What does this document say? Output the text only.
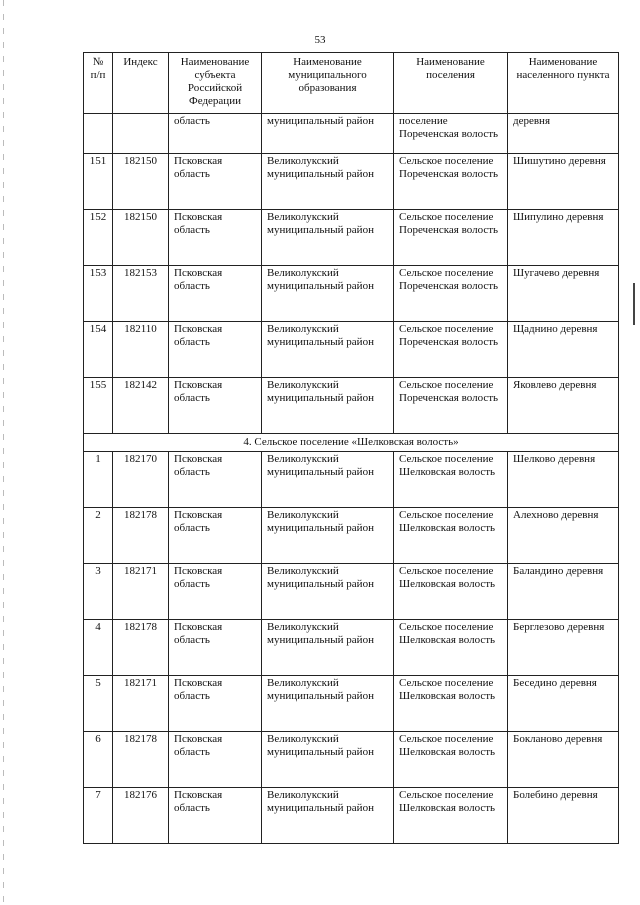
53
№ п/п	Индекс	Наименование субъекта Российской Федерации	Наименование муниципального образования	Наименование поселения	Наименование населенного пункта
		область	муниципальный район	поселение Пореченская волость	деревня
151	182150	Псковская область	Великолукский муниципальный район	Сельское поселение Пореченская волость	Шишутино деревня
152	182150	Псковская область	Великолукский муниципальный район	Сельское поселение Пореченская волость	Шипулино деревня
153	182153	Псковская область	Великолукский муниципальный район	Сельское поселение Пореченская волость	Шугачево деревня
154	182110	Псковская область	Великолукский муниципальный район	Сельское поселение Пореченская волость	Щаднино деревня
155	182142	Псковская область	Великолукский муниципальный район	Сельское поселение Пореченская волость	Яковлево деревня
4. Сельское поселение «Шелковская волость»					
1	182170	Псковская область	Великолукский муниципальный район	Сельское поселение Шелковская волость	Шелково деревня
2	182178	Псковская область	Великолукский муниципальный район	Сельское поселение Шелковская волость	Алехново деревня
3	182171	Псковская область	Великолукский муниципальный район	Сельское поселение Шелковская волость	Баландино деревня
4	182178	Псковская область	Великолукский муниципальный район	Сельское поселение Шелковская волость	Берглезово деревня
5	182171	Псковская область	Великолукский муниципальный район	Сельское поселение Шелковская волость	Беседино деревня
6	182178	Псковская область	Великолукский муниципальный район	Сельское поселение Шелковская волость	Бокланово деревня
7	182176	Псковская область	Великолукский муниципальный район	Сельское поселение Шелковская волость	Болебино деревня
